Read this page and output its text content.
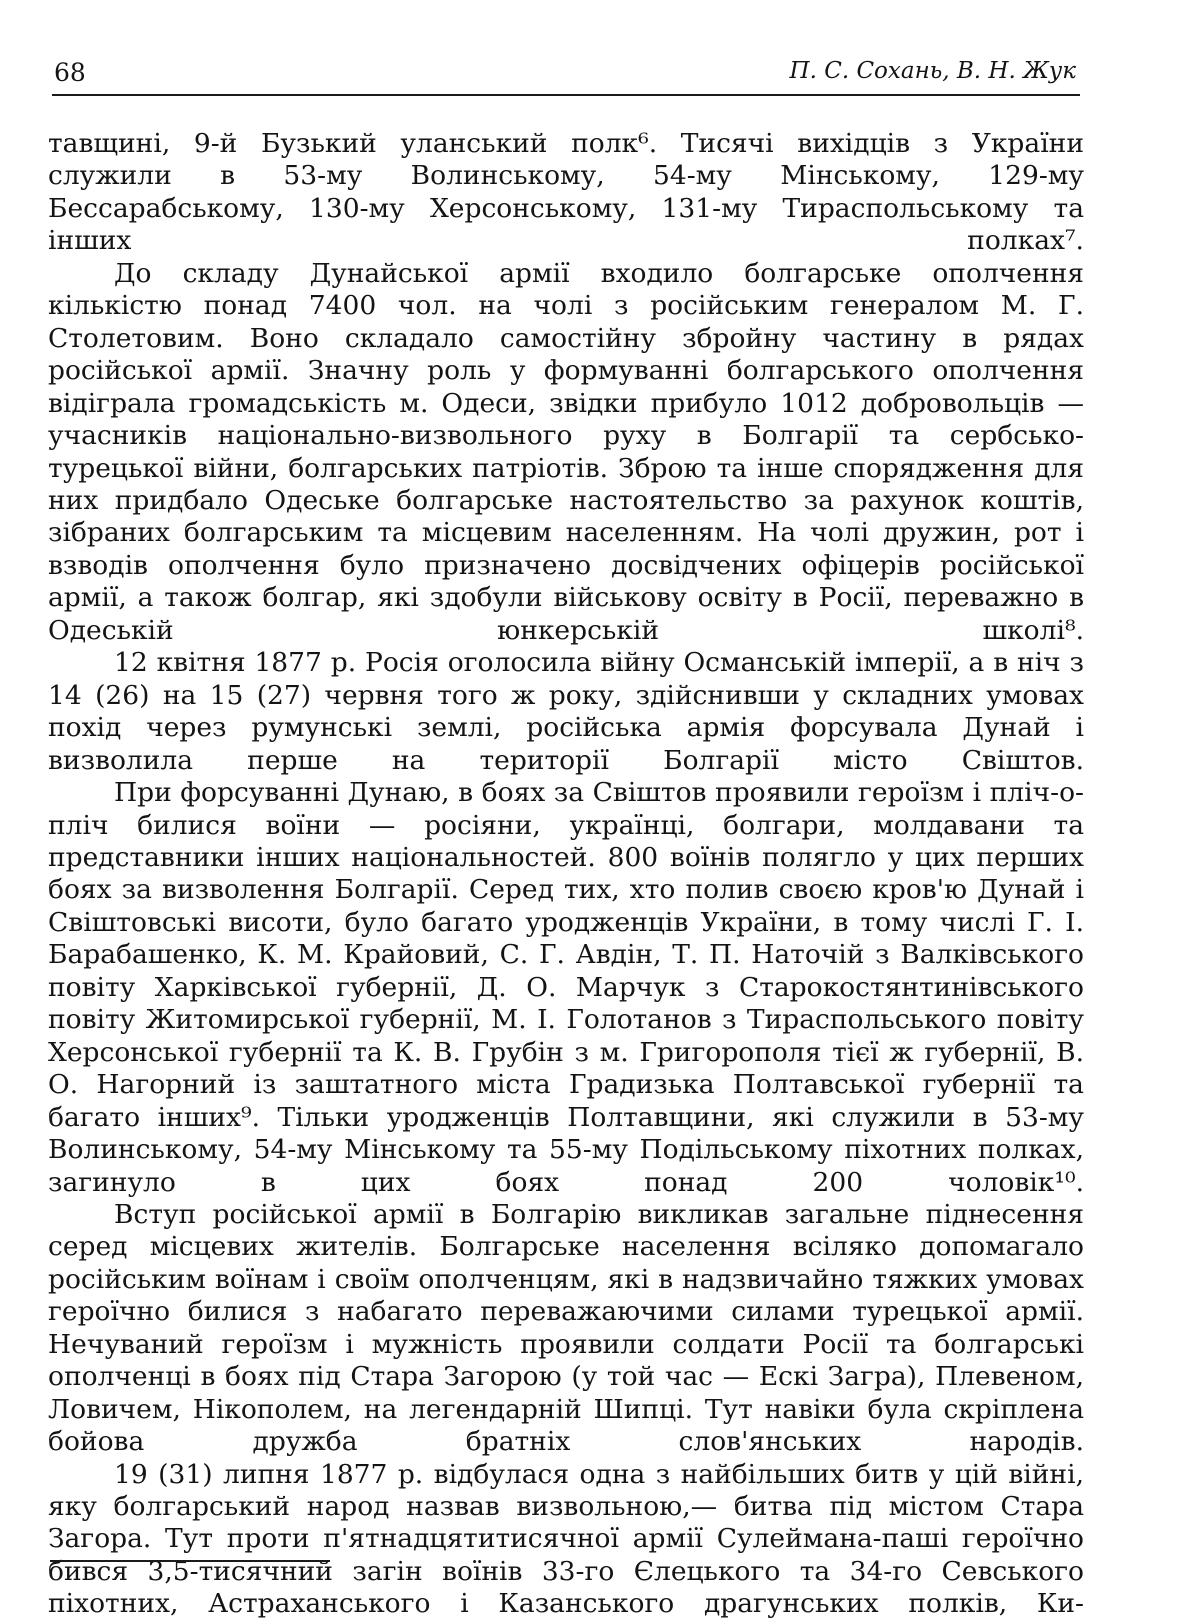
68	П. С. Сохань, В. Н. Жук

тавщині, 9-й Бузький уланський полк⁶. Тисячі вихідців з України служили в 53-му Волинському, 54-му Мінському, 129-му Бессарабському, 130-му Херсонському, 131-му Тираспольському та інших полках⁷.

До складу Дунайської армії входило болгарське ополчення кількістю понад 7400 чол. на чолі з російським генералом М. Г. Столетовим. Воно складало самостійну збройну частину в рядах російської армії. Значну роль у формуванні болгарського ополчення відіграла громадськість м. Одеси, звідки прибуло 1012 добровольців — учасників національно-визвольного руху в Болгарії та сербсько-турецької війни, болгарських патріотів. Зброю та інше спорядження для них придбало Одеське болгарське настоятельство за рахунок коштів, зібраних болгарським та місцевим населенням. На чолі дружин, рот і взводів ополчення було призначено досвідчених офіцерів російської армії, а також болгар, які здобули військову освіту в Росії, переважно в Одеській юнкерській школі⁸.

12 квітня 1877 р. Росія оголосила війну Османській імперії, а в ніч з 14 (26) на 15 (27) червня того ж року, здійснивши у складних умовах похід через румунські землі, російська армія форсувала Дунай і визволила перше на території Болгарії місто Свіштов.

При форсуванні Дунаю, в боях за Свіштов проявили героїзм і пліч-о-пліч билися воїни — росіяни, українці, болгари, молдавани та представники інших національностей. 800 воїнів полягло у цих перших боях за визволення Болгарії. Серед тих, хто полив своєю кров'ю Дунай і Свіштовські висоти, було багато уродженців України, в тому числі Г. І. Барабашенко, К. М. Крайовий, С. Г. Авдін, Т. П. Наточій з Валківського повіту Харківської губернії, Д. О. Марчук з Старокостянтинівського повіту Житомирської губернії, М. І. Голотанов з Тираспольського повіту Херсонської губернії та К. В. Грубін з м. Григорополя тієї ж губернії, В. О. Нагорний із заштатного міста Градизька Полтавської губернії та багато інших⁹. Тільки уродженців Полтавщини, які служили в 53-му Волинському, 54-му Мінському та 55-му Подільському піхотних полках, загинуло в цих боях понад 200 чоловік¹⁰.

Вступ російської армії в Болгарію викликав загальне піднесення серед місцевих жителів. Болгарське населення всіляко допомагало російським воїнам і своїм ополченцям, які в надзвичайно тяжких умовах героїчно билися з набагато переважаючими силами турецької армії. Нечуваний героїзм і мужність проявили солдати Росії та болгарські ополченці в боях під Стара Загорою (у той час — Ескі Загра), Плевеном, Ловичем, Нікополем, на легендарній Шипці. Тут навіки була скріплена бойова дружба братніх слов'янських народів.

19 (31) липня 1877 р. відбулася одна з найбільших битв у цій війні, яку болгарський народ назвав визвольною,— битва під містом Стара Загора. Тут проти п'ятнадцятитисячної армії Сулеймана-паші героїчно бився 3,5-тисячний загін воїнів 33-го Єлецького та 34-го Севського піхотних, Астраханського і Казанського драгунських полків, Ки-
